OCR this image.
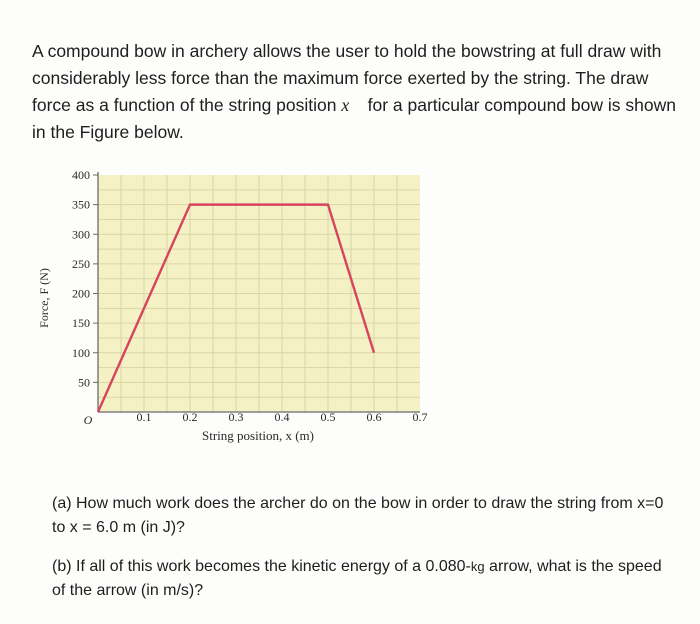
A compound bow in archery allows the user to hold the bowstring at full draw with considerably less force than the maximum force exerted by the string. The draw force as a function of the string position x⃗ for a particular compound bow is shown in the Figure below.

50
100
150
200
250
300
350
400
0.1	0.2	0.3	0.4	0.5	0.6	0.7
O
String position, x (m)
Force, F (N)

(a) How much work does the archer do on the bow in order to draw the string from x=0 to x = 6.0 m (in J)?

(b) If all of this work becomes the kinetic energy of a 0.080-kg arrow, what is the speed of the arrow (in m/s)?
